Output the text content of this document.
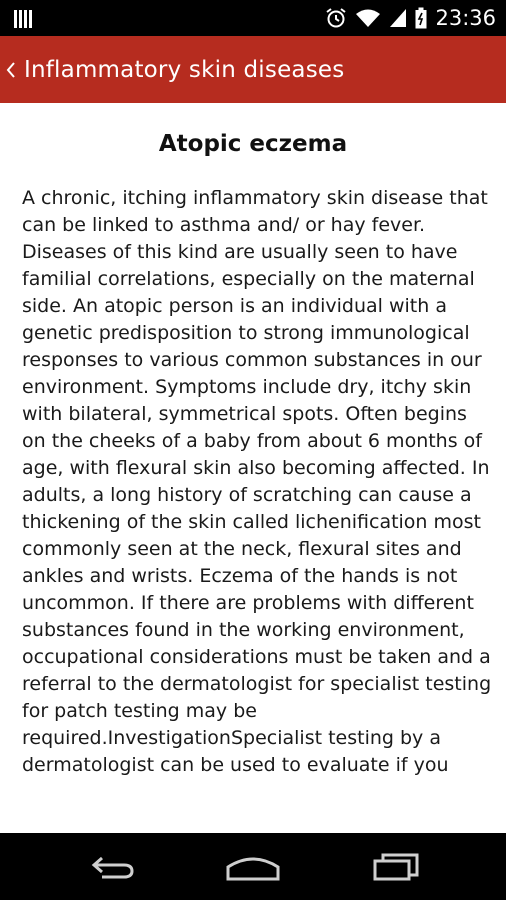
23:36
Inflammatory skin diseases
Atopic eczema
A chronic, itching inflammatory skin disease that can be linked to asthma and/ or hay fever. Diseases of this kind are usually seen to have familial correlations, especially on the maternal side. An atopic person is an individual with a genetic predisposition to strong immunological responses to various common substances in our environment. Symptoms include dry, itchy skin with bilateral, symmetrical spots. Often begins on the cheeks of a baby from about 6 months of age, with flexural skin also becoming affected. In adults, a long history of scratching can cause a thickening of the skin called lichenification most commonly seen at the neck, flexural sites and ankles and wrists. Eczema of the hands is not uncommon. If there are problems with different substances found in the working environment, occupational considerations must be taken and a referral to the dermatologist for specialist testing for patch testing may be required.InvestigationSpecialist testing by a dermatologist can be used to evaluate if you
